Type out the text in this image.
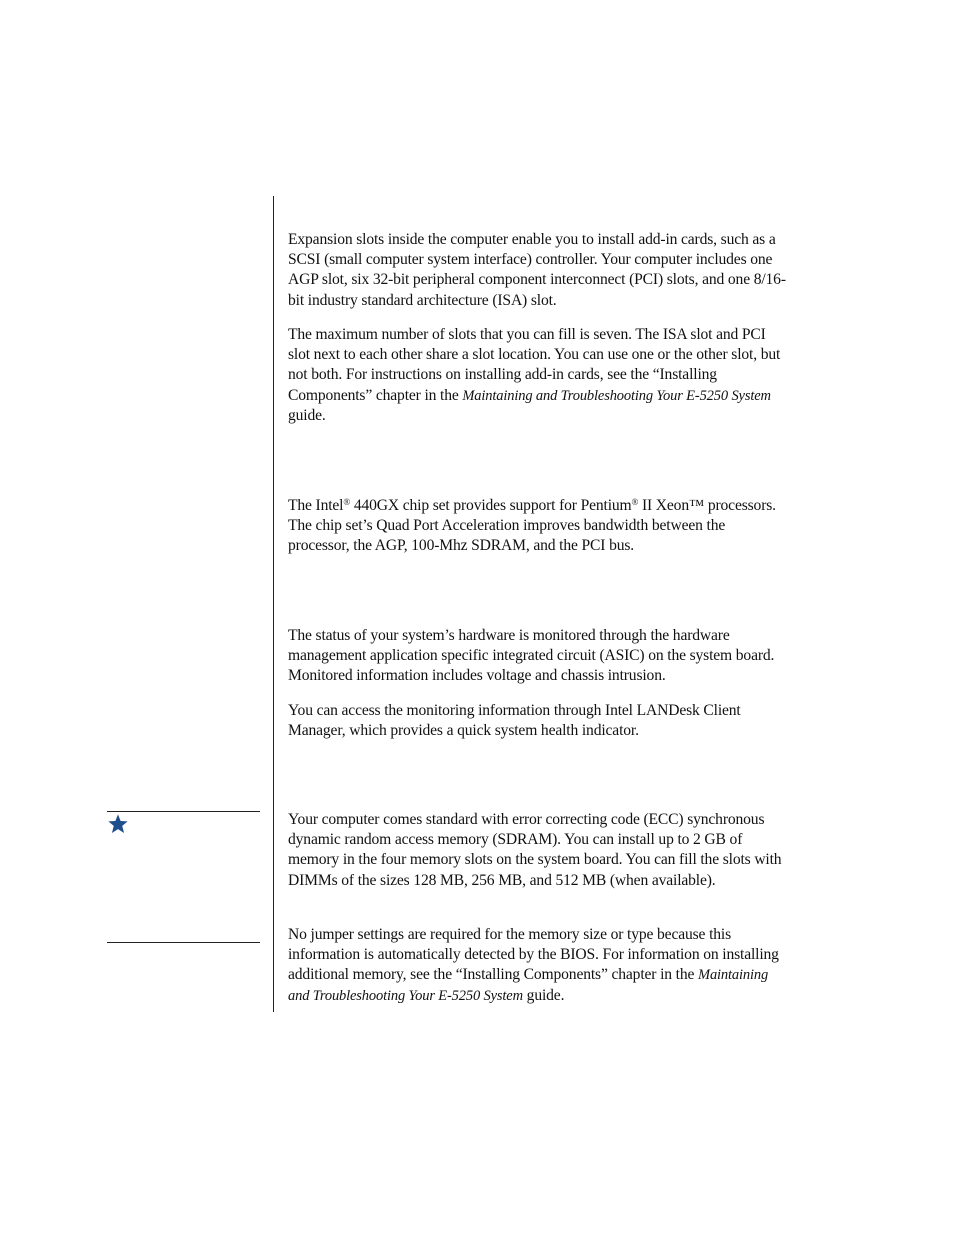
Expansion slots inside the computer enable you to install add-in cards, such as a SCSI (small computer system interface) controller. Your computer includes one AGP slot, six 32-bit peripheral component interconnect (PCI) slots, and one 8/16-bit industry standard architecture (ISA) slot.

The maximum number of slots that you can fill is seven. The ISA slot and PCI slot next to each other share a slot location. You can use one or the other slot, but not both. For instructions on installing add-in cards, see the “Installing Components” chapter in the Maintaining and Troubleshooting Your E-5250 System guide.

The Intel® 440GX chip set provides support for Pentium® II Xeon™ processors. The chip set’s Quad Port Acceleration improves bandwidth between the processor, the AGP, 100-Mhz SDRAM, and the PCI bus.

The status of your system’s hardware is monitored through the hardware management application specific integrated circuit (ASIC) on the system board. Monitored information includes voltage and chassis intrusion.

You can access the monitoring information through Intel LANDesk Client Manager, which provides a quick system health indicator.

Your computer comes standard with error correcting code (ECC) synchronous dynamic random access memory (SDRAM). You can install up to 2 GB of memory in the four memory slots on the system board. You can fill the slots with DIMMs of the sizes 128 MB, 256 MB, and 512 MB (when available).

No jumper settings are required for the memory size or type because this information is automatically detected by the BIOS. For information on installing additional memory, see the “Installing Components” chapter in the Maintaining and Troubleshooting Your E-5250 System guide.
